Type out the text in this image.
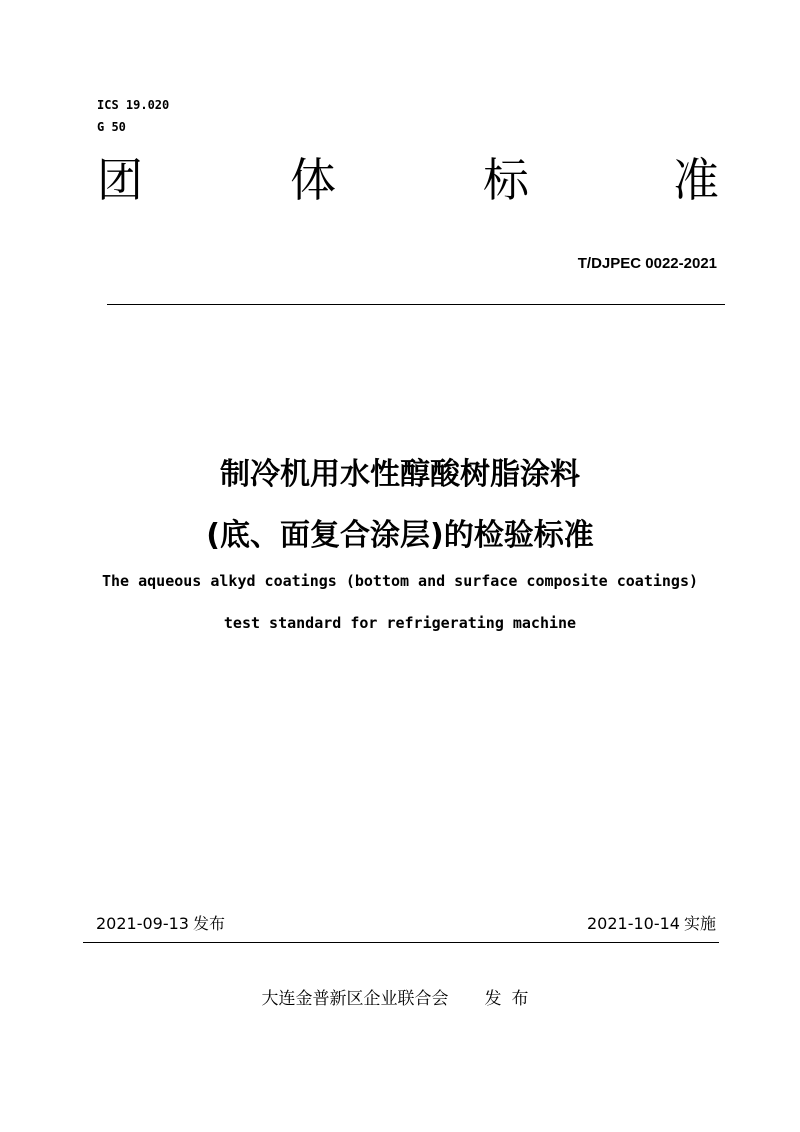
ICS 19.020
G 50
团	体	标	准
T/DJPEC 0022-2021
制冷机用水性醇酸树脂涂料
(底、面复合涂层)的检验标准
The aqueous alkyd coatings (bottom and surface composite coatings)
test standard for refrigerating machine
2021-09-13 发布	2021-10-14 实施
大连金普新区企业联合会 发布
